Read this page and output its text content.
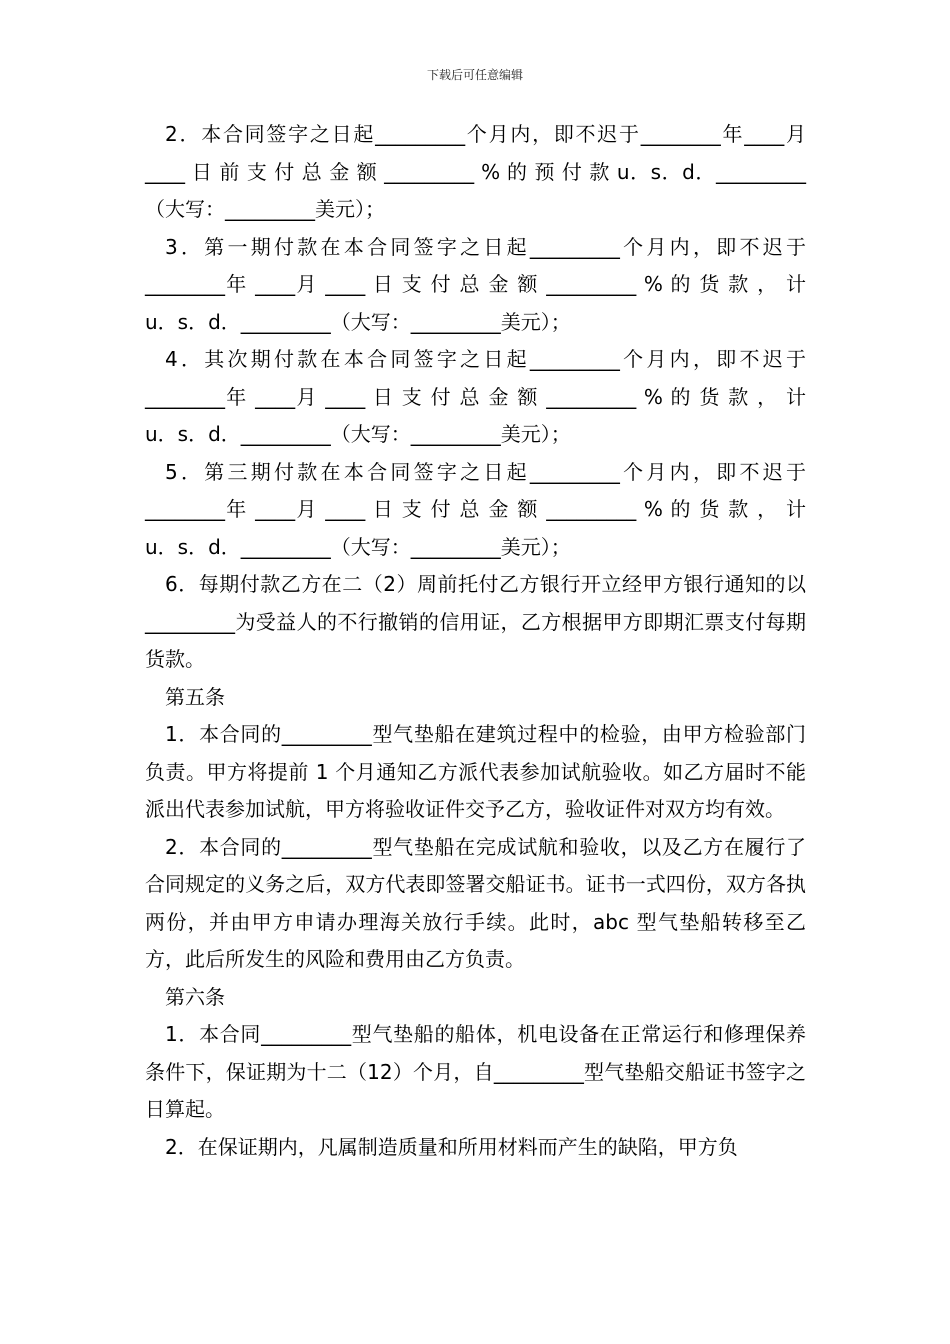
下载后可任意编辑

2．本合同签字之日起_________个月内，即不迟于________年____月 ____ 日 前 支 付 总 金 额 _________ % 的 预 付 款 u．s．d．_________（大写：_________美元）；

3．第一期付款在本合同签字之日起_________个月内，即不迟于________年 ____月 ____ 日 支 付 总 金 额 _________ % 的 货 款 ， 计 u．s．d．_________（大写：_________美元）；

4．其次期付款在本合同签字之日起_________个月内，即不迟于________年 ____月 ____ 日 支 付 总 金 额 _________ % 的 货 款 ， 计 u．s．d．_________（大写：_________美元）；

5．第三期付款在本合同签字之日起_________个月内，即不迟于________年 ____月 ____ 日 支 付 总 金 额 _________ % 的 货 款 ， 计 u．s．d．_________（大写：_________美元）；

6．每期付款乙方在二（2）周前托付乙方银行开立经甲方银行通知的以_________为受益人的不行撤销的信用证，乙方根据甲方即期汇票支付每期货款。

第五条

1．本合同的_________型气垫船在建筑过程中的检验，由甲方检验部门负责。甲方将提前 1 个月通知乙方派代表参加试航验收。如乙方届时不能派出代表参加试航，甲方将验收证件交予乙方，验收证件对双方均有效。

2．本合同的_________型气垫船在完成试航和验收，以及乙方在履行了合同规定的义务之后，双方代表即签署交船证书。证书一式四份，双方各执两份，并由甲方申请办理海关放行手续。此时，abc 型气垫船转移至乙方，此后所发生的风险和费用由乙方负责。

第六条

1．本合同_________型气垫船的船体，机电设备在正常运行和修理保养条件下，保证期为十二（12）个月，自_________型气垫船交船证书签字之日算起。

2．在保证期内，凡属制造质量和所用材料而产生的缺陷，甲方负
